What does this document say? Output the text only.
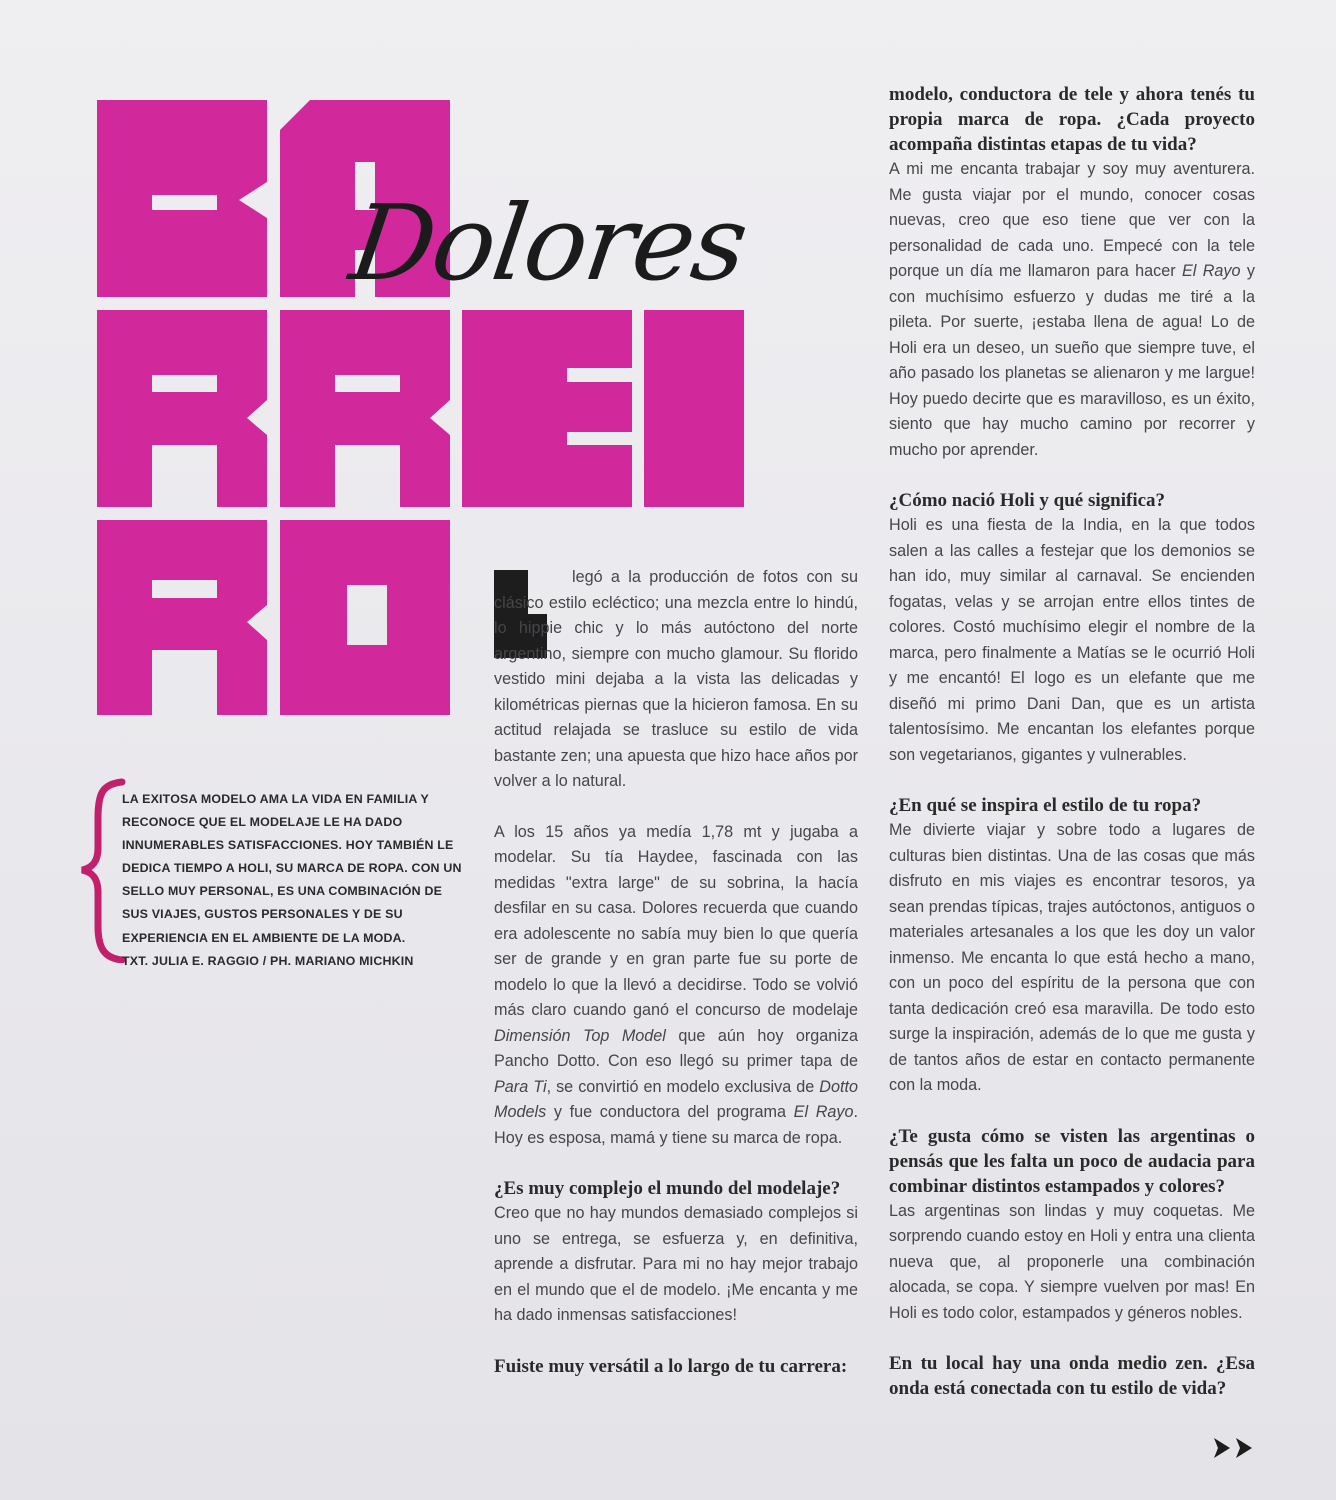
Dolores
LA EXITOSA MODELO AMA LA VIDA EN FAMILIA Y RECONOCE QUE EL MODELAJE LE HA DADO INNUMERABLES SATISFACCIONES. HOY TAMBIÉN LE DEDICA TIEMPO A HOLI, SU MARCA DE ROPA. CON UN SELLO MUY PERSONAL, ES UNA COMBINACIÓN DE SUS VIAJES, GUSTOS PERSONALES Y DE SU EXPERIENCIA EN EL AMBIENTE DE LA MODA.
TXT. JULIA E. RAGGIO / PH. MARIANO MICHKIN

legó a la producción de fotos con su clásico estilo ecléctico; una mezcla entre lo hindú, lo hippie chic y lo más autóctono del norte argentino, siempre con mucho glamour. Su florido vestido mini dejaba a la vista las delicadas y kilométricas piernas que la hicieron famosa. En su actitud relajada se trasluce su estilo de vida bastante zen; una apuesta que hizo hace años por volver a lo natural.

A los 15 años ya medía 1,78 mt y jugaba a modelar. Su tía Haydee, fascinada con las medidas "extra large" de su sobrina, la hacía desfilar en su casa. Dolores recuerda que cuando era adolescente no sabía muy bien lo que quería ser de grande y en gran parte fue su porte de modelo lo que la llevó a decidirse. Todo se volvió más claro cuando ganó el concurso de modelaje Dimensión Top Model que aún hoy organiza Pancho Dotto. Con eso llegó su primer tapa de Para Ti, se convirtió en modelo exclusiva de Dotto Models y fue conductora del programa El Rayo. Hoy es esposa, mamá y tiene su marca de ropa.

¿Es muy complejo el mundo del modelaje?

Creo que no hay mundos demasiado complejos si uno se entrega, se esfuerza y, en definitiva, aprende a disfrutar. Para mi no hay mejor trabajo en el mundo que el de modelo. ¡Me encanta y me ha dado inmensas satisfacciones!

Fuiste muy versátil a lo largo de tu carrera:

modelo, conductora de tele y ahora tenés tu propia marca de ropa. ¿Cada proyecto acompaña distintas etapas de tu vida?

A mi me encanta trabajar y soy muy aventurera. Me gusta viajar por el mundo, conocer cosas nuevas, creo que eso tiene que ver con la personalidad de cada uno. Empecé con la tele porque un día me llamaron para hacer El Rayo y con muchísimo esfuerzo y dudas me tiré a la pileta. Por suerte, ¡estaba llena de agua! Lo de Holi era un deseo, un sueño que siempre tuve, el año pasado los planetas se alienaron y me largue! Hoy puedo decirte que es maravilloso, es un éxito, siento que hay mucho camino por recorrer y mucho por aprender.

¿Cómo nació Holi y qué significa?

Holi es una fiesta de la India, en la que todos salen a las calles a festejar que los demonios se han ido, muy similar al carnaval. Se encienden fogatas, velas y se arrojan entre ellos tintes de colores. Costó muchísimo elegir el nombre de la marca, pero finalmente a Matías se le ocurrió Holi y me encantó! El logo es un elefante que me diseñó mi primo Dani Dan, que es un artista talentosísimo. Me encantan los elefantes porque son vegetarianos, gigantes y vulnerables.

¿En qué se inspira el estilo de tu ropa?

Me divierte viajar y sobre todo a lugares de culturas bien distintas. Una de las cosas que más disfruto en mis viajes es encontrar tesoros, ya sean prendas típicas, trajes autóctonos, antiguos o materiales artesanales a los que les doy un valor inmenso. Me encanta lo que está hecho a mano, con un poco del espíritu de la persona que con tanta dedicación creó esa maravilla. De todo esto surge la inspiración, además de lo que me gusta y de tantos años de estar en contacto permanente con la moda.

¿Te gusta cómo se visten las argentinas o pensás que les falta un poco de audacia para combinar distintos estampados y colores?

Las argentinas son lindas y muy coquetas. Me sorprendo cuando estoy en Holi y entra una clienta nueva que, al proponerle una combinación alocada, se copa. Y siempre vuelven por mas! En Holi es todo color, estampados y géneros nobles.

En tu local hay una onda medio zen. ¿Esa onda está conectada con tu estilo de vida?
